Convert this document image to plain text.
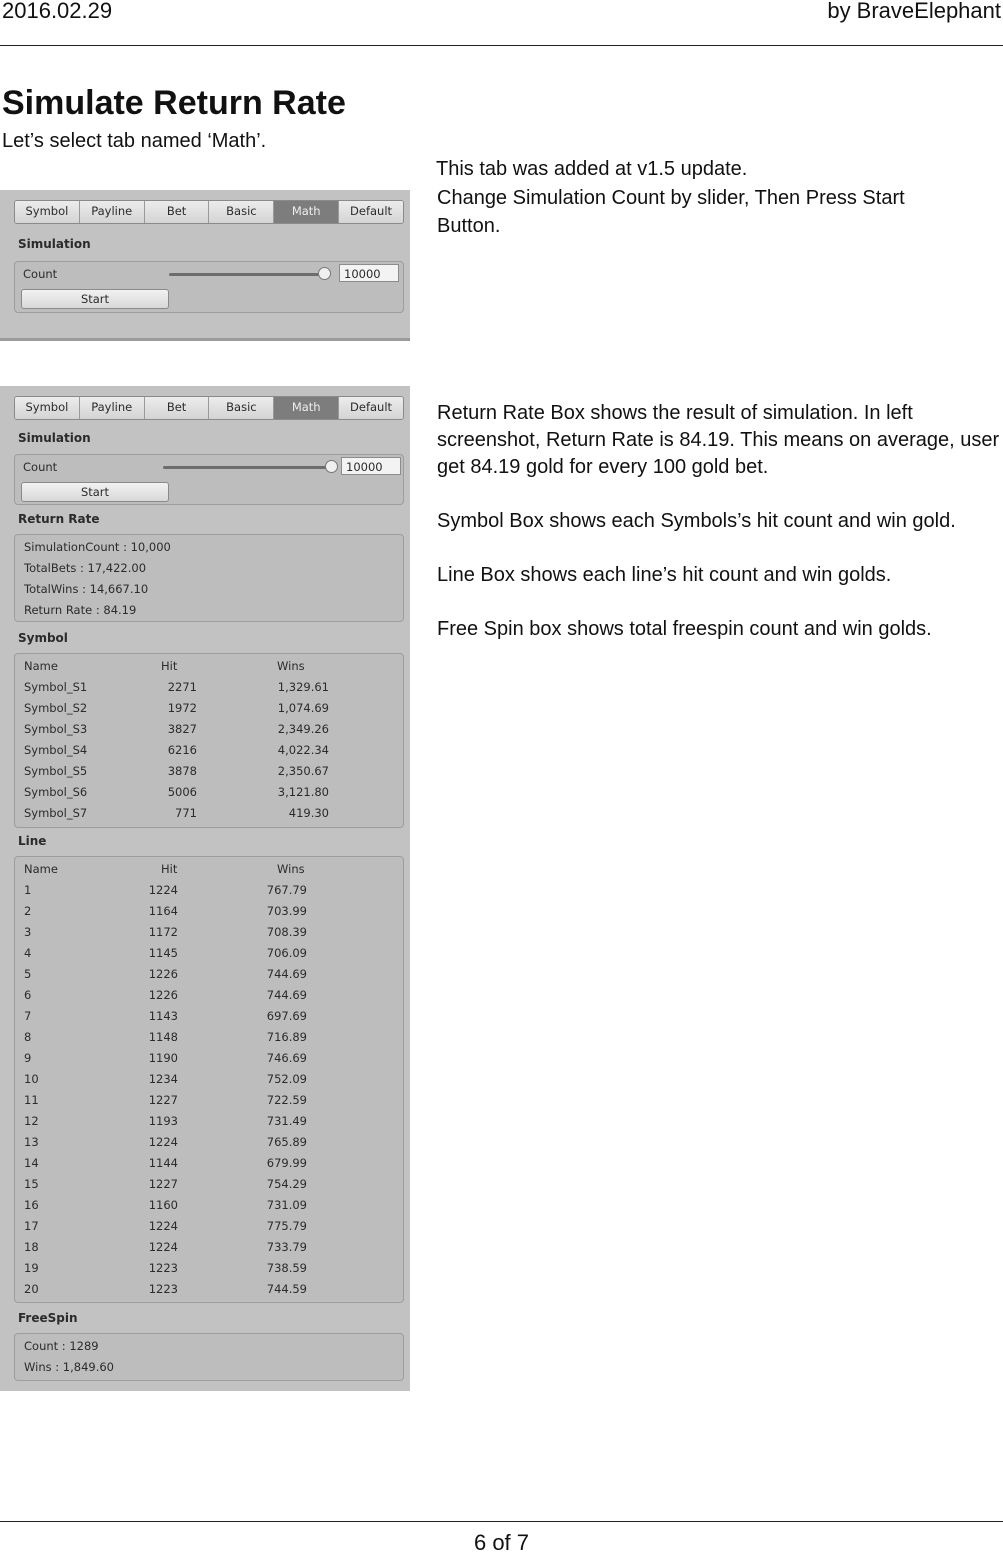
2016.02.29	by BraveElephant
Simulate Return Rate
Let’s select tab named ‘Math’.
This tab was added at v1.5 update.
Change Simulation Count by slider, Then Press Start Button.
Symbol	Payline	Bet	Basic	Math	Default
Simulation
Count	10000
Start
Symbol	Payline	Bet	Basic	Math	Default
Simulation
Count	10000
Start
Return Rate
SimulationCount : 10,000
TotalBets : 17,422.00
TotalWins : 14,667.10
Return Rate : 84.19
Symbol
Name	Hit	Wins
Symbol_S1	2271	1,329.61
Symbol_S2	1972	1,074.69
Symbol_S3	3827	2,349.26
Symbol_S4	6216	4,022.34
Symbol_S5	3878	2,350.67
Symbol_S6	5006	3,121.80
Symbol_S7	771	419.30
Line
Name	Hit	Wins
1	1224	767.79
2	1164	703.99
3	1172	708.39
4	1145	706.09
5	1226	744.69
6	1226	744.69
7	1143	697.69
8	1148	716.89
9	1190	746.69
10	1234	752.09
11	1227	722.59
12	1193	731.49
13	1224	765.89
14	1144	679.99
15	1227	754.29
16	1160	731.09
17	1224	775.79
18	1224	733.79
19	1223	738.59
20	1223	744.59
FreeSpin
Count : 1289
Wins : 1,849.60

Return Rate Box shows the result of simulation. In left screenshot, Return Rate is 84.19. This means on average, user get 84.19 gold for every 100 gold bet.

Symbol Box shows each Symbols’s hit count and win gold.

Line Box shows each line’s hit count and win golds.

Free Spin box shows total freespin count and win golds.

6 of 7
